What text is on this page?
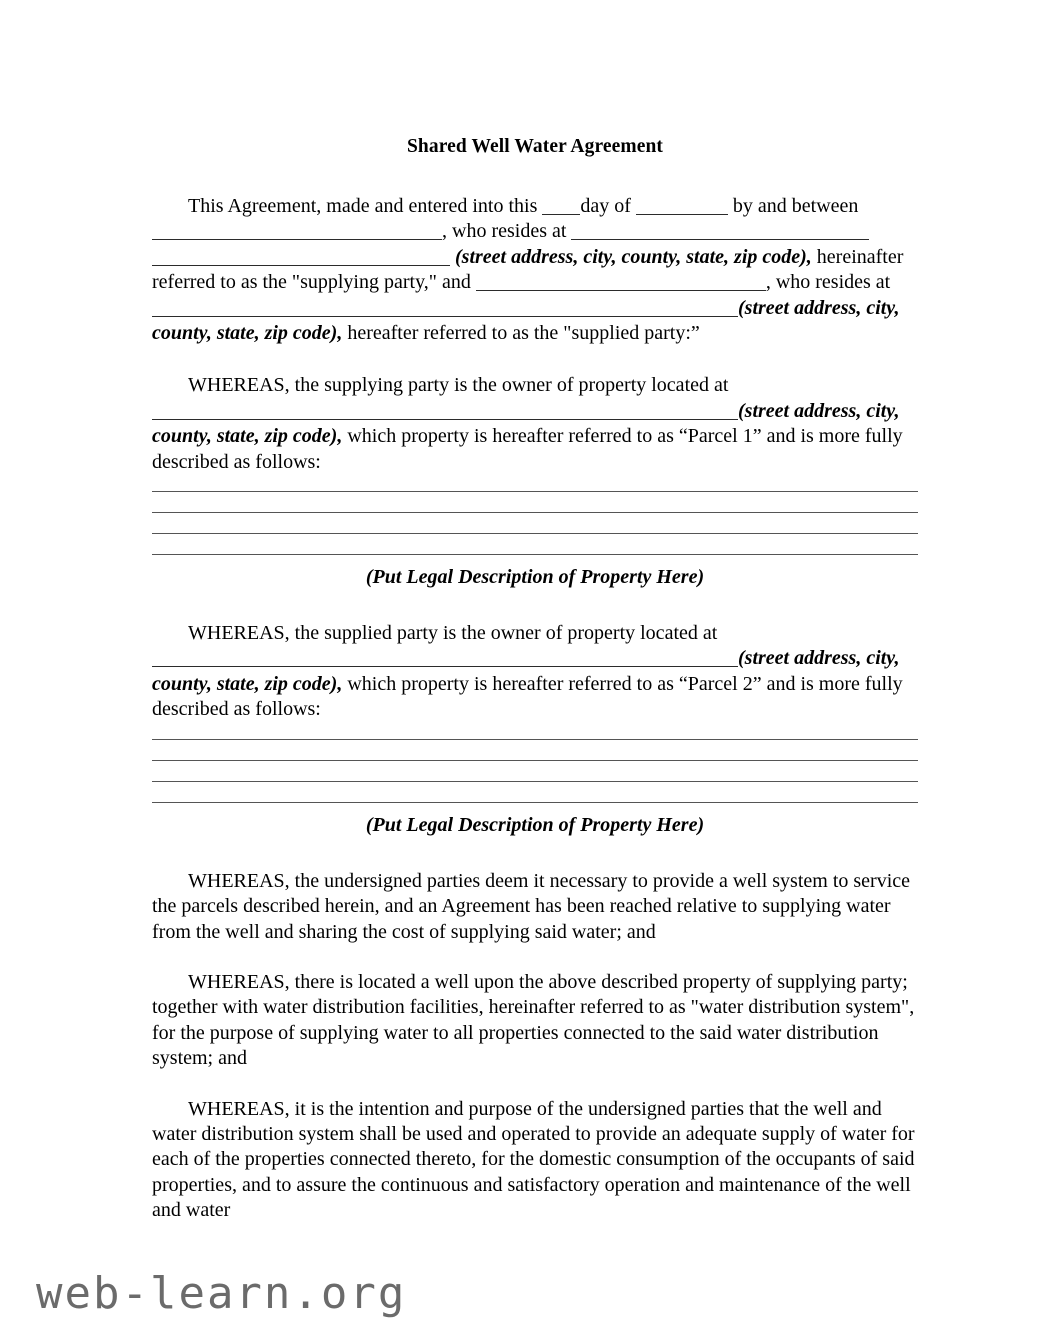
Shared Well Water Agreement

This Agreement, made and entered into this day of	by and between
, who resides at
(street address, city, county, state, zip code), hereinafter
referred to as the "supplying party," and	, who resides at
(street address, city,
county, state, zip code), hereafter referred to as the "supplied party:”

WHEREAS, the supplying party is the owner of property located at
(street address, city,
county, state, zip code), which property is hereafter referred to as “Parcel 1” and is more fully
described as follows:

(Put Legal Description of Property Here)

WHEREAS, the supplied party is the owner of property located at
(street address, city,
county, state, zip code), which property is hereafter referred to as “Parcel 2” and is more fully
described as follows:

(Put Legal Description of Property Here)

WHEREAS, the undersigned parties deem it necessary to provide a well system to service the parcels described herein, and an Agreement has been reached relative to supplying water from the well and sharing the cost of supplying said water; and

WHEREAS, there is located a well upon the above described property of supplying party; together with water distribution facilities, hereinafter referred to as "water distribution system", for the purpose of supplying water to all properties connected to the said water distribution system; and

WHEREAS, it is the intention and purpose of the undersigned parties that the well and water distribution system shall be used and operated to provide an adequate supply of water for each of the properties connected thereto, for the domestic consumption of the occupants of said properties, and to assure the continuous and satisfactory operation and maintenance of the well and water

web-learn.org
